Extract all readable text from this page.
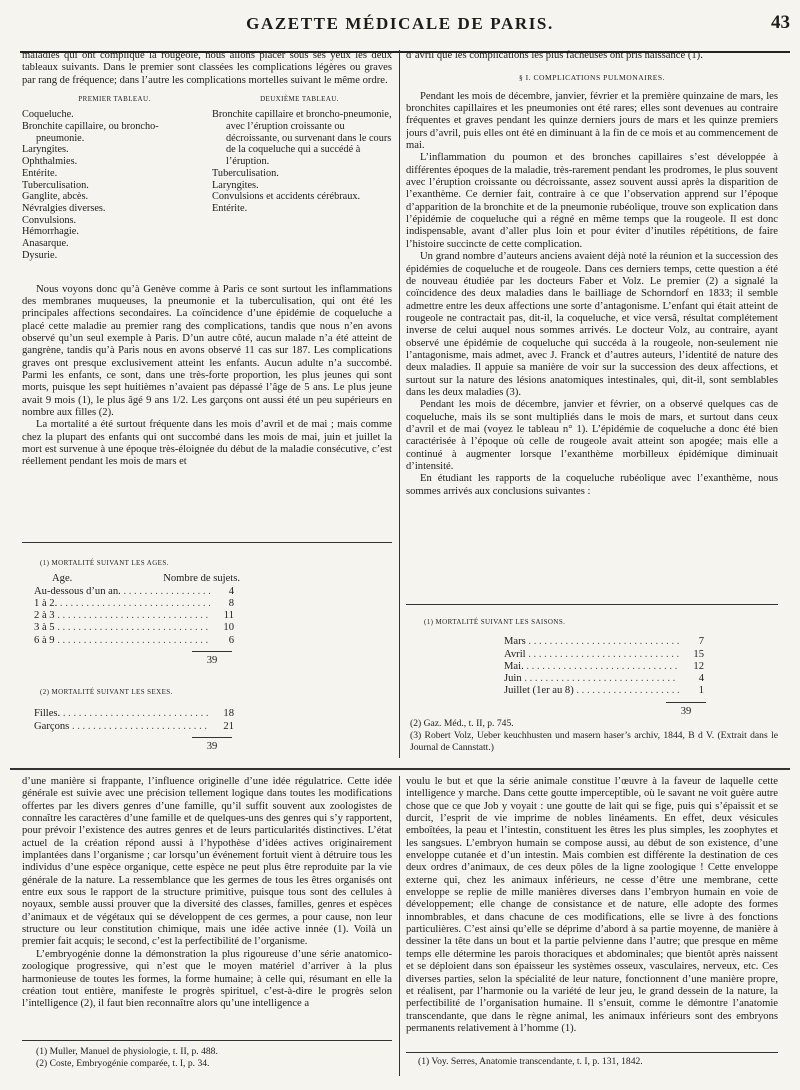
GAZETTE MÉDICALE DE PARIS.	43

maladies qui ont compliqué la rougeole, nous allons placer sous ses yeux les deux tableaux suivants. Dans le premier sont classées les complications légères ou graves par rang de fréquence; dans l’autre les complications mortelles suivant le même ordre.

PREMIER TABLEAU.	DEUXIÈME TABLEAU.
Coqueluche.
Bronchite capillaire, ou broncho-pneumonie.
Laryngites.
Ophthalmies.
Entérite.
Tuberculisation.
Ganglite, abcès.
Névralgies diverses.
Convulsions.
Hémorrhagie.
Anasarque.
Dysurie.
Bronchite capillaire et broncho-pneumonie, avec l’éruption croissante ou décroissante, ou survenant dans le cours de la coqueluche qui a succédé à l’éruption.
Tuberculisation.
Laryngites.
Convulsions et accidents cérébraux.
Entérite.

Nous voyons donc qu’à Genève comme à Paris ce sont surtout les inflammations des membranes muqueuses, la pneumonie et la tuberculisation, qui ont été les principales affections secondaires. La coïncidence d’une épidémie de coqueluche a placé cette maladie au premier rang des complications, tandis que nous n’en avons observé qu’un seul exemple à Paris. D’un autre côté, aucun malade n’a été atteint de gangrène, tandis qu’à Paris nous en avons observé 11 cas sur 187. Les complications graves ont presque exclusivement atteint les enfants. Aucun adulte n’a succombé. Parmi les enfants, ce sont, dans une très-forte proportion, les plus jeunes qui sont morts, puisque les sept huitièmes n’avaient pas dépassé l’âge de 5 ans. Le plus jeune avait 9 mois (1), le plus âgé 9 ans 1/2. Les garçons ont aussi été un peu supérieurs en nombre aux filles (2).

La mortalité a été surtout fréquente dans les mois d’avril et de mai ; mais comme chez la plupart des enfants qui ont succombé dans les mois de mai, juin et juillet la mort est survenue à une époque très-éloignée du début de la maladie consécutive, c’est réellement pendant les mois de mars et

d’avril que les complications les plus fâcheuses ont pris naissance (1).

§ I. COMPLICATIONS PULMONAIRES.

Pendant les mois de décembre, janvier, février et la première quinzaine de mars, les bronchites capillaires et les pneumonies ont été rares; elles sont devenues au contraire fréquentes et graves pendant les quinze derniers jours de mars et les quinze premiers jours d’avril, puis elles ont été en diminuant à la fin de ce mois et au commencement de mai.

L’inflammation du poumon et des bronches capillaires s’est développée à différentes époques de la maladie, très-rarement pendant les prodromes, le plus souvent avec l’éruption croissante ou décroissante, assez souvent aussi après la disparition de l’exanthème. Ce dernier fait, contraire à ce que l’observation apprend sur l’époque d’apparition de la bronchite et de la pneumonie rubéolique, trouve son explication dans l’épidémie de coqueluche qui a régné en même temps que la rougeole. Il est donc indispensable, avant d’aller plus loin et pour éviter d’inutiles répétitions, de faire l’histoire succincte de cette complication.

Un grand nombre d’auteurs anciens avaient déjà noté la réunion et la succession des épidémies de coqueluche et de rougeole. Dans ces derniers temps, cette question a été de nouveau étudiée par les docteurs Faber et Volz. Le premier (2) a signalé la coïncidence des deux maladies dans le bailliage de Schorndorf en 1833; il semble admettre entre les deux affections une sorte d’antagonisme. L’enfant qui était atteint de rougeole ne contractait pas, dit-il, la coqueluche, et vice versâ, résultat complétement inverse de celui auquel nous sommes arrivés. Le docteur Volz, au contraire, ayant observé une épidémie de coqueluche qui succéda à la rougeole, non-seulement nie l’antagonisme, mais admet, avec J. Franck et d’autres auteurs, l’identité de nature des deux maladies. Il appuie sa manière de voir sur la succession des deux affections, et surtout sur la nature des lésions anatomiques intestinales, qui, dit-il, sont semblables dans les deux maladies (3).

Pendant les mois de décembre, janvier et février, on a observé quelques cas de coqueluche, mais ils se sont multipliés dans le mois de mars, et surtout dans ceux d’avril et de mai (voyez le tableau n° 1). L’épidémie de coqueluche a donc été bien caractérisée à l’époque où celle de rougeole avait atteint son apogée; mais elle a continué à augmenter lorsque l’exanthème morbilleux épidémique diminuait d’intensité.

En étudiant les rapports de la coqueluche rubéolique avec l’exanthème, nous sommes arrivés aux conclusions suivantes :

(1) MORTALITÉ SUIVANT LES AGES.
Age.	Nombre de sujets.
Au-dessous d’un an. . . .	4
1 à 2. . . .	8
2 à 3 . . .	11
3 à 5 . . .	10
6 à 9 . . .	6
39
(2) MORTALITÉ SUIVANT LES SEXES.
Filles. . . .	18
Garçons . . .	21
39
(1) MORTALITÉ SUIVANT LES SAISONS.
Mars . . .	7
Avril . . .	15
Mai. . . .	12
Juin . . .	4
Juillet (1er au 8) . . .	1
39

(2) Gaz. Méd., t. II, p. 745.

(3) Robert Volz, Ueber keuchhusten und masern haser’s archiv, 1844, B d V. (Extrait dans le Journal de Cannstatt.)

d’une manière si frappante, l’influence originelle d’une idée régulatrice. Cette idée générale est suivie avec une précision tellement logique dans toutes les modifications offertes par les divers genres d’une famille, qu’il suffit souvent aux zoologistes de connaître les caractères d’une famille et de quelques-uns des genres qui s’y rapportent, pour prévoir l’existence des autres genres et de leurs particularités distinctives. L’état actuel de la création répond aussi à l’hypothèse d’idées actives originairement implantées dans l’organisme ; car lorsqu’un événement fortuit vient à détruire tous les individus d’une espèce organique, cette espèce ne peut plus être reproduite par la vie générale de la nature. La ressemblance que les germes de tous les êtres organisés ont entre eux sous le rapport de la structure primitive, puisque tous sont des cellules à noyaux, semble aussi prouver que la diversité des classes, familles, genres et espèces d’animaux et de végétaux qui se développent de ces germes, a pour cause, non leur structure ou leur constitution chimique, mais une idée active innée (1). Voilà un premier fait acquis; le second, c’est la perfectibilité de l’organisme.

L’embryogénie donne la démonstration la plus rigoureuse d’une série anatomico-zoologique progressive, qui n’est que le moyen matériel d’arriver à la plus harmonieuse de toutes les formes, la forme humaine; à celle qui, résumant en elle la création tout entière, manifeste le progrès spirituel, c’est-à-dire le progrès selon l’intelligence (2), il faut bien reconnaître alors qu’une intelligence a

(1) Muller, Manuel de physiologie, t. II, p. 488.

(2) Coste, Embryogénie comparée, t. I, p. 34.

voulu le but et que la série animale constitue l’œuvre à la faveur de laquelle cette intelligence y marche. Dans cette goutte imperceptible, où le savant ne voit guère autre chose que ce que Job y voyait : une goutte de lait qui se fige, puis qui s’épaissit et se durcit, l’esprit de vie imprime de nobles linéaments. En effet, deux vésicules emboîtées, la peau et l’intestin, constituent les êtres les plus simples, les zoophytes et les sangsues. L’embryon humain se compose aussi, au début de son existence, d’une enveloppe cutanée et d’un intestin. Mais combien est différente la destination de ces deux ordres d’animaux, de ces deux pôles de la ligne zoologique ! Cette enveloppe externe qui, chez les animaux inférieurs, ne cesse d’être une membrane, cette enveloppe se replie de mille manières diverses dans l’embryon humain en voie de développement; elle change de consistance et de nature, elle adopte des formes innombrables, et dans chacune de ces modifications, elle se livre à des fonctions particulières. C’est ainsi qu’elle se déprime d’abord à sa partie moyenne, de manière à dessiner la tête dans un bout et la partie pelvienne dans l’autre; que presque en même temps elle détermine les parois thoraciques et abdominales; que bientôt après naissent et se déploient dans son épaisseur les systèmes osseux, vasculaires, nerveux, etc. Ces diverses parties, selon la spécialité de leur nature, fonctionnent d’une manière propre, et réalisent, par l’harmonie ou la variété de leur jeu, le grand dessein de la nature, la perfectibilité de l’organisation humaine. Il s’ensuit, comme le démontre l’anatomie transcendante, que dans le règne animal, les animaux inférieurs sont des embryons permanents relativement à l’homme (1).

(1) Voy. Serres, Anatomie transcendante, t. I, p. 131, 1842.
